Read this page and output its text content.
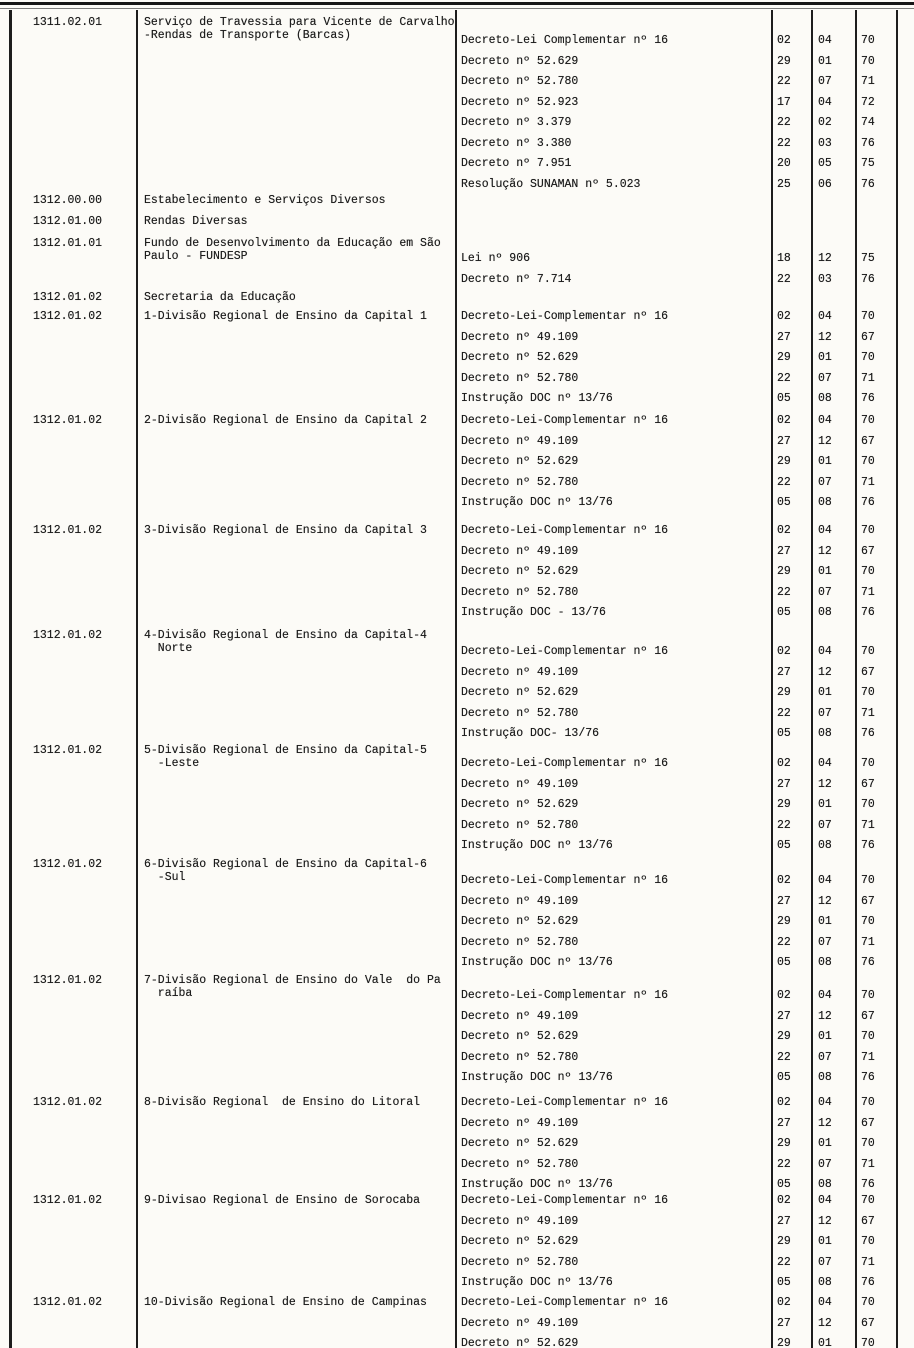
1311.02.01	Serviço de Travessia para Vicente de Carvalho
-Rendas de Transporte (Barcas)	Decreto-Lei Complementar nº 16	02 04	70
Decreto nº 52.629	29 01	70
Decreto nº 52.780	22 07	71
Decreto nº 52.923	17 04	72
Decreto nº 3.379	22 02	74
Decreto nº 3.380	22 03	76
Decreto nº 7.951	20 05	75
Resolução SUNAMAN nº 5.023	25 06	76
1312.00.00	Estabelecimento e Serviços Diversos
1312.01.00	Rendas Diversas
1312.01.01	Fundo de Desenvolvimento da Educação em São
Paulo - FUNDESP	Lei nº 906	18 12	75
Decreto nº 7.714	22 03	76
1312.01.02	Secretaria da Educação
1312.01.02	1-Divisão Regional de Ensino da Capital 1	Decreto-Lei-Complementar nº 16	02 04	70
Decreto nº 49.109	27 12	67
Decreto nº 52.629	29 01	70
Decreto nº 52.780	22 07	71
Instrução DOC nº 13/76	05 08	76
1312.01.02	2-Divisão Regional de Ensino da Capital 2	Decreto-Lei-Complementar nº 16	02 04	70
Decreto nº 49.109	27 12	67
Decreto nº 52.629	29 01	70
Decreto nº 52.780	22 07	71
Instrução DOC nº 13/76	05 08	76
1312.01.02	3-Divisão Regional de Ensino da Capital 3	Decreto-Lei-Complementar nº 16	02 04	70
Decreto nº 49.109	27 12	67
Decreto nº 52.629	29 01	70
Decreto nº 52.780	22 07	71
Instrução DOC - 13/76	05 08	76
1312.01.02	4-Divisão Regional de Ensino da Capital-4
Norte	Decreto-Lei-Complementar nº 16	02 04	70
Decreto nº 49.109	27 12	67
Decreto nº 52.629	29 01	70
Decreto nº 52.780	22 07	71
Instrução DOC- 13/76	05 08	76
1312.01.02	5-Divisão Regional de Ensino da Capital-5
-Leste	Decreto-Lei-Complementar nº 16	02 04	70
Decreto nº 49.109	27 12	67
Decreto nº 52.629	29 01	70
Decreto nº 52.780	22 07	71
Instrução DOC nº 13/76	05 08	76
1312.01.02	6-Divisão Regional de Ensino da Capital-6
-Sul	Decreto-Lei-Complementar nº 16	02 04	70
Decreto nº 49.109	27 12	67
Decreto nº 52.629	29 01	70
Decreto nº 52.780	22 07	71
Instrução DOC nº 13/76	05 08	76
1312.01.02	7-Divisão Regional de Ensino do Vale  do Pa
raíba	Decreto-Lei-Complementar nº 16	02 04	70
Decreto nº 49.109	27 12	67
Decreto nº 52.629	29 01	70
Decreto nº 52.780	22 07	71
Instrução DOC nº 13/76	05 08	76
1312.01.02	8-Divisão Regional  de Ensino do Litoral	Decreto-Lei-Complementar nº 16	02 04	70
Decreto nº 49.109	27 12	67
Decreto nº 52.629	29 01	70
Decreto nº 52.780	22 07	71
Instrução DOC nº 13/76	05 08	76
1312.01.02	9-Divisao Regional de Ensino de Sorocaba	Decreto-Lei-Complementar nº 16	02 04	70
Decreto nº 49.109	27 12	67
Decreto nº 52.629	29 01	70
Decreto nº 52.780	22 07	71
Instrução DOC nº 13/76	05 08	76
1312.01.02	10-Divisão Regional de Ensino de Campinas	Decreto-Lei-Complementar nº 16	02 04	70
Decreto nº 49.109	27 12	67
Decreto nº 52.629	29 01	70
